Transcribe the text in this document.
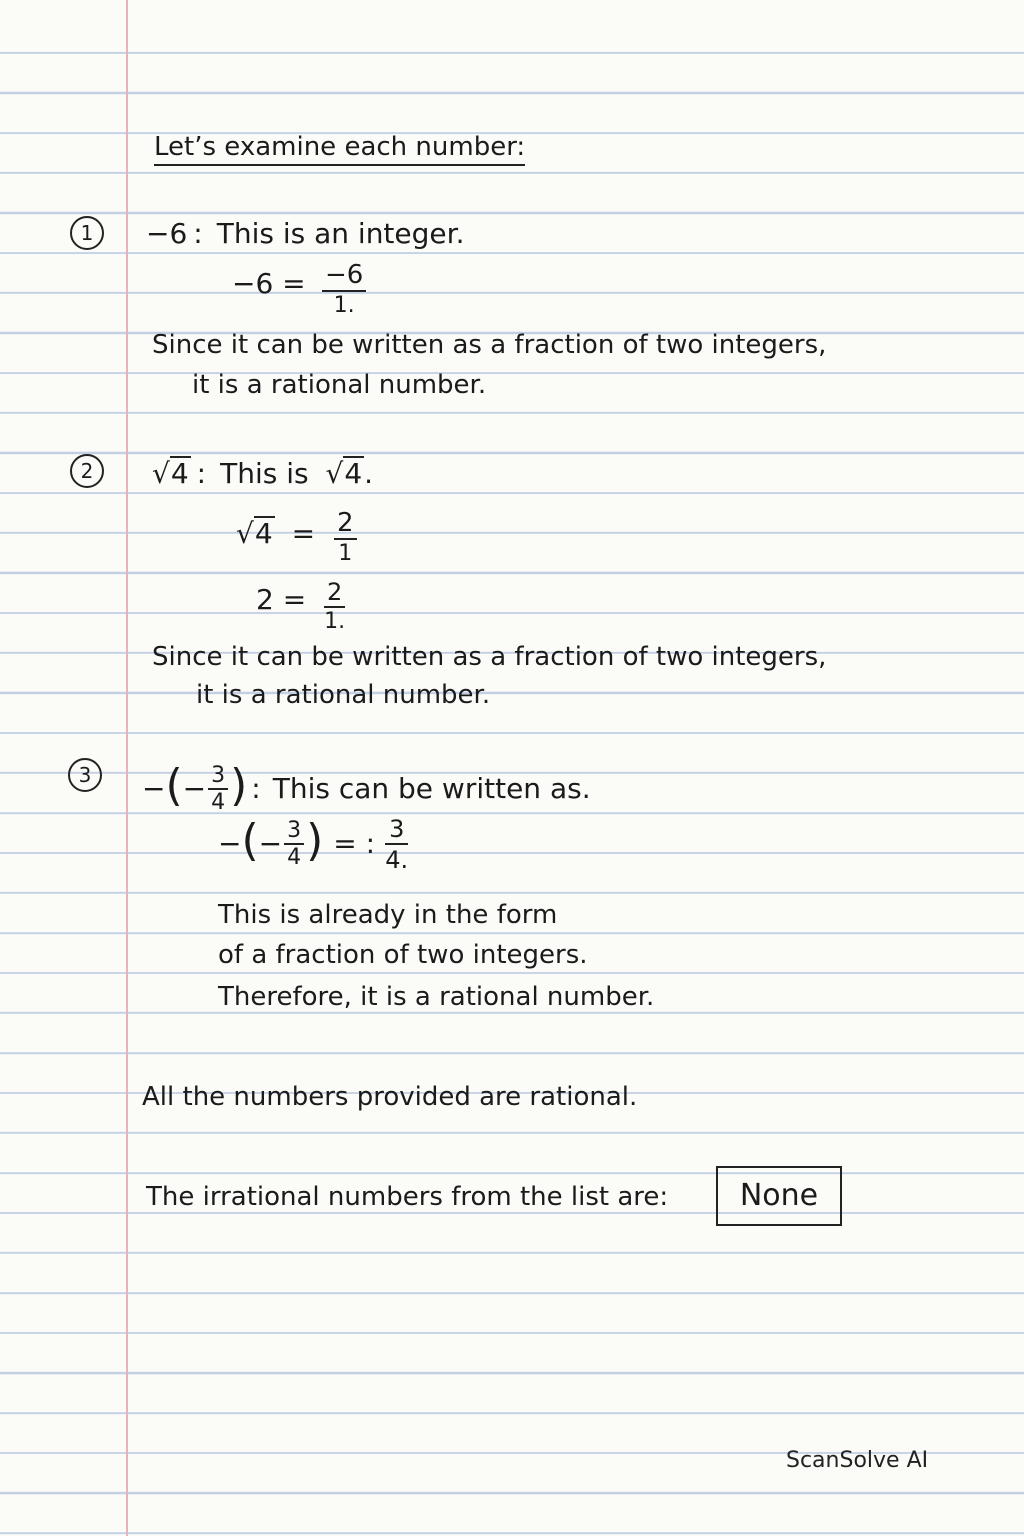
Let’s examine each number:
1	−6 : This is an integer.
−6 = −6
1.
Since it can be written as a fraction of two integers,
it is a rational number.
2	√4 : This is √4.
√4 = 2
1
$2 = \frac{2}{1.}$
Since it can be written as a fraction of two integers,
it is a rational number.
3	− ( − $\frac{3}{4}$ ) : This can be written as.
− ( − $\frac{3}{4}$ ) = : $\frac{3}{4.}$
This is already in the form
of a fraction of two integers.
Therefore, it is a rational number.
All the numbers provided are rational.
The irrational numbers from the list are:	None
ScanSolve AI
